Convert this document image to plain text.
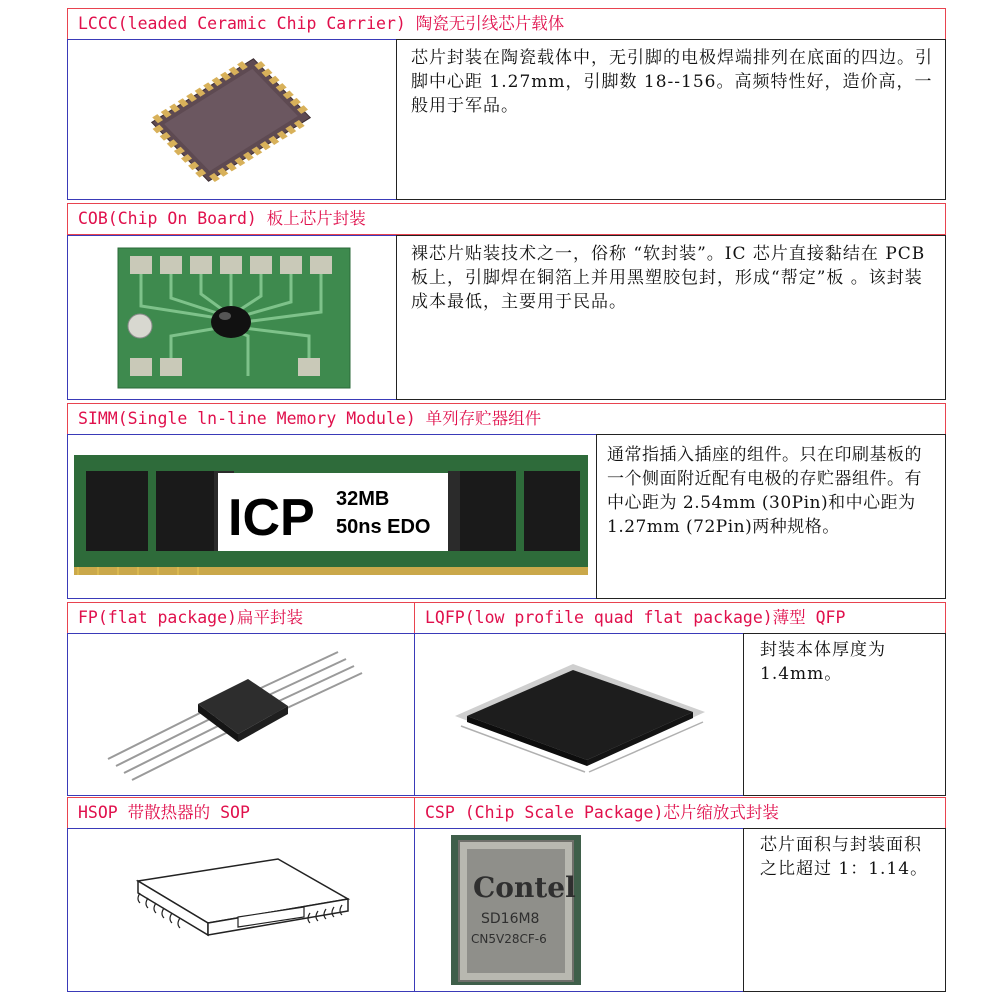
LCCC(leaded Ceramic Chip Carrier) 陶瓷无引线芯片载体
芯片封装在陶瓷载体中，无引脚的电极焊端排列在底面的四边。引脚中心距 1.27mm，引脚数 18--156。高频特性好，造价高，一般用于军品。
COB(Chip On Board) 板上芯片封装
裸芯片贴装技术之一，俗称 “软封装”。IC 芯片直接黏结在 PCB 板上，引脚焊在铜箔上并用黑塑胶包封，形成“帮定”板 。该封装成本最低，主要用于民品。
SIMM(Single ln-line Memory Module) 单列存贮器组件
ICP 32MB
50ns EDO
通常指插入插座的组件。只在印刷基板的一个侧面附近配有电极的存贮器组件。有中心距为 2.54mm (30Pin)和中心距为 1.27mm (72Pin)两种规格。
FP(flat package)扁平封装	LQFP(low profile quad flat package)薄型 QFP
封装本体厚度为 1.4mm。
HSOP 带散热器的 SOP	CSP (Chip Scale Package)芯片缩放式封装
Contel
SD16M8
CN5V28CF-6
芯片面积与封装面积之比超过 1：1.14。
